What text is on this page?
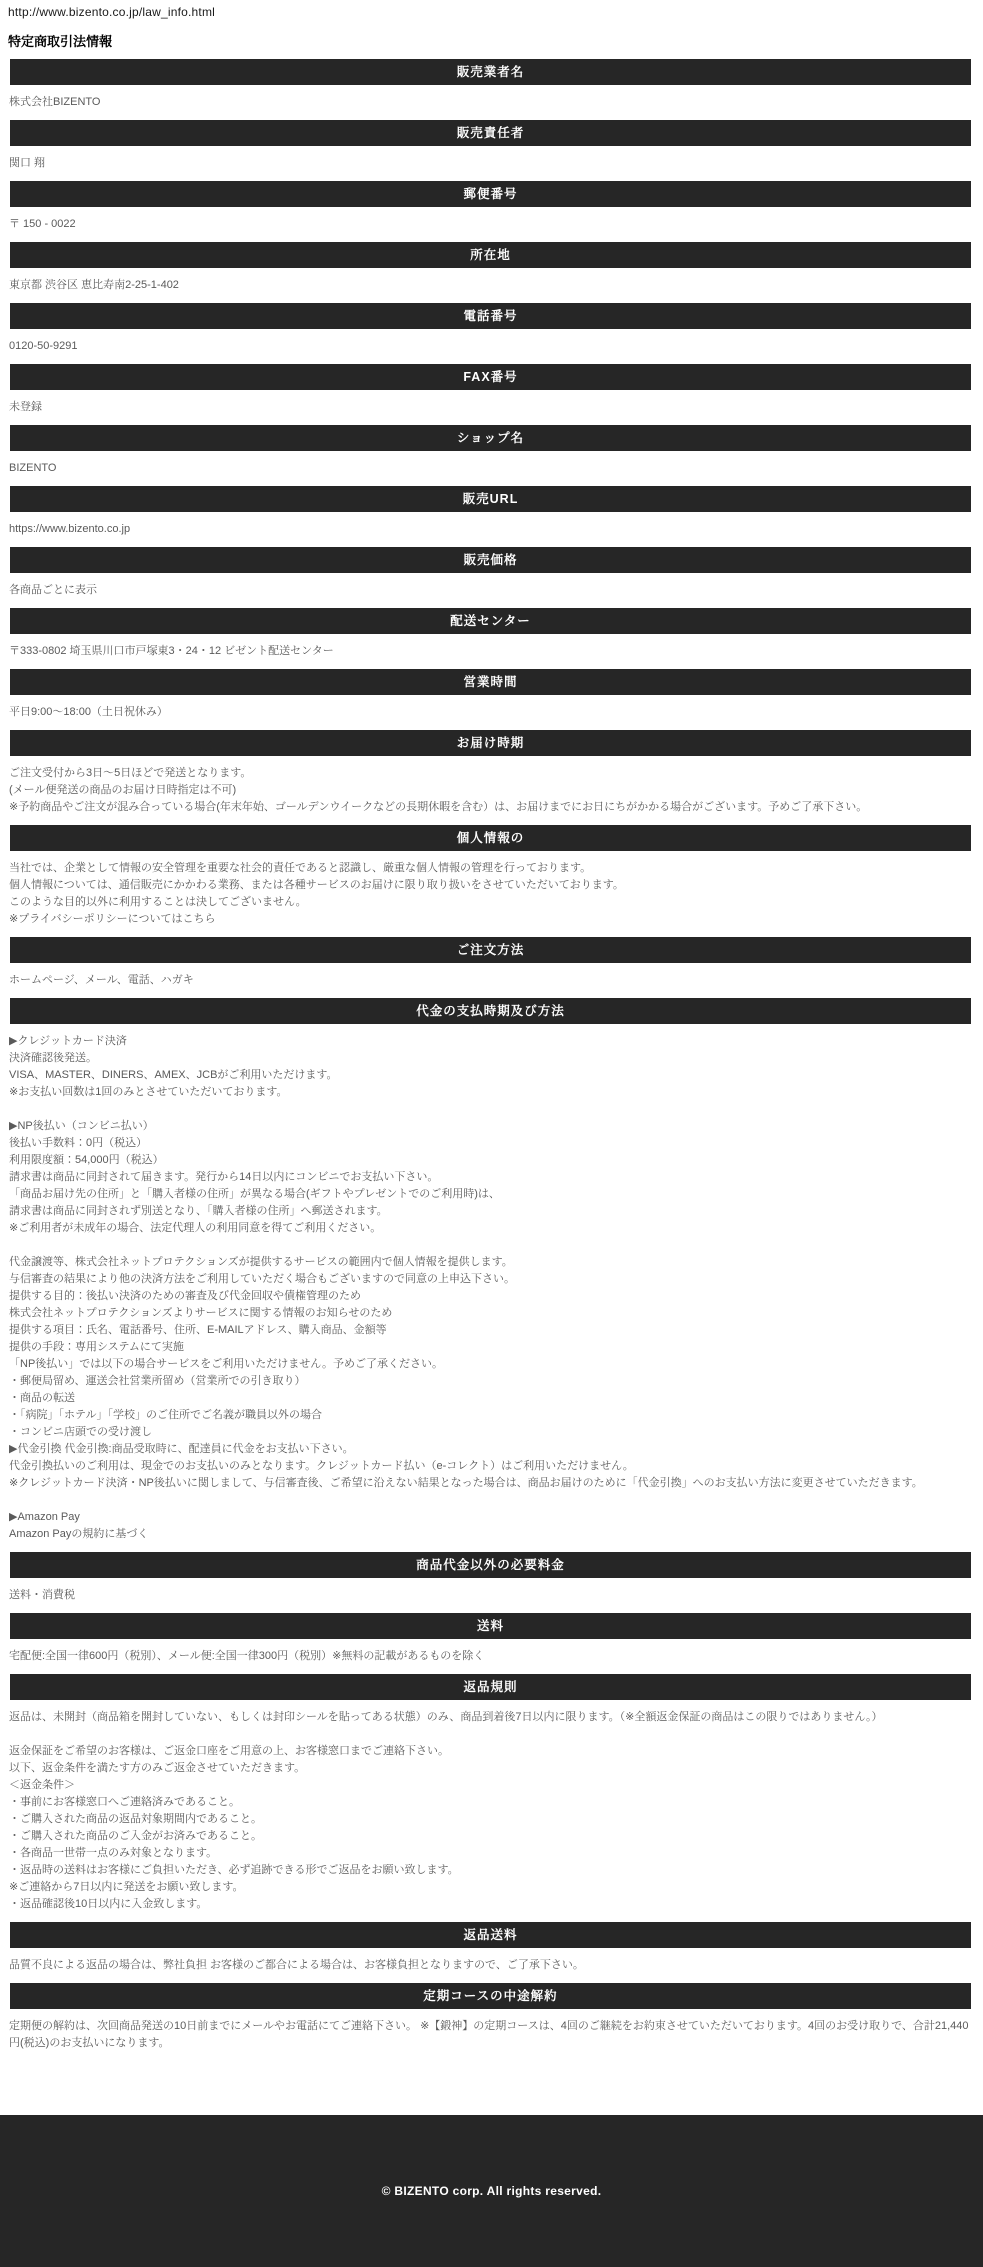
http://www.bizento.co.jp/law_info.html
特定商取引法情報
販売業者名
株式会社BIZENTO
販売責任者
関口 翔
郵便番号
〒 150 - 0022
所在地
東京都 渋谷区 恵比寿南2-25-1-402
電話番号
0120-50-9291
FAX番号
未登録
ショップ名
BIZENTO
販売URL
https://www.bizento.co.jp
販売価格
各商品ごとに表示
配送センター
〒333-0802 埼玉県川口市戸塚東3・24・12 ビゼント配送センター
営業時間
平日9:00〜18:00（土日祝休み）
お届け時期
ご注文受付から3日〜5日ほどで発送となります。
(メール便発送の商品のお届け日時指定は不可)
※予約商品やご注文が混み合っている場合(年末年始、ゴールデンウイークなどの長期休暇を含む）は、お届けまでにお日にちがかかる場合がございます。予めご了承下さい。
個人情報の
当社では、企業として情報の安全管理を重要な社会的責任であると認識し、厳重な個人情報の管理を行っております。
個人情報については、通信販売にかかわる業務、または各種サービスのお届けに限り取り扱いをさせていただいております。
このような目的以外に利用することは決してございません。
※プライバシーポリシーについてはこちら
ご注文方法
ホームページ、メール、電話、ハガキ
代金の支払時期及び方法
▶クレジットカード決済
決済確認後発送。
VISA、MASTER、DINERS、AMEX、JCBがご利用いただけます。
※お支払い回数は1回のみとさせていただいております。

▶NP後払い（コンビニ払い）
後払い手数料：0円（税込）
利用限度額：54,000円（税込）
請求書は商品に同封されて届きます。発行から14日以内にコンビニでお支払い下さい。
「商品お届け先の住所」と「購入者様の住所」が異なる場合(ギフトやプレゼントでのご利用時)は、
請求書は商品に同封されず別送となり、「購入者様の住所」へ郵送されます。
※ご利用者が未成年の場合、法定代理人の利用同意を得てご利用ください。

代金譲渡等、株式会社ネットプロテクションズが提供するサービスの範囲内で個人情報を提供します。
与信審査の結果により他の決済方法をご利用していただく場合もございますので同意の上申込下さい。
提供する目的：後払い決済のための審査及び代金回収や債権管理のため
株式会社ネットプロテクションズよりサービスに関する情報のお知らせのため
提供する項目：氏名、電話番号、住所、E-MAILアドレス、購入商品、金額等
提供の手段：専用システムにて実施
「NP後払い」では以下の場合サービスをご利用いただけません。予めご了承ください。
・郵便局留め、運送会社営業所留め（営業所での引き取り）
・商品の転送
・「病院」「ホテル」「学校」のご住所でご名義が職員以外の場合
・コンビニ店頭での受け渡し
▶代金引換 代金引換:商品受取時に、配達員に代金をお支払い下さい。
代金引換払いのご利用は、現金でのお支払いのみとなります。クレジットカード払い（e-コレクト）はご利用いただけません。
※クレジットカード決済・NP後払いに関しまして、与信審査後、ご希望に沿えない結果となった場合は、商品お届けのために「代金引換」へのお支払い方法に変更させていただきます。

▶Amazon Pay
Amazon Payの規約に基づく
商品代金以外の必要料金
送料・消費税
送料
宅配便:全国一律600円（税別）、メール便:全国一律300円（税別）※無料の記載があるものを除く
返品規則
返品は、未開封（商品箱を開封していない、もしくは封印シールを貼ってある状態）のみ、商品到着後7日以内に限ります。（※全額返金保証の商品はこの限りではありません。）

返金保証をご希望のお客様は、ご返金口座をご用意の上、お客様窓口までご連絡下さい。
以下、返金条件を満たす方のみご返金させていただきます。
＜返金条件＞
・事前にお客様窓口へご連絡済みであること。
・ご購入された商品の返品対象期間内であること。
・ご購入された商品のご入金がお済みであること。
・各商品一世帯一点のみ対象となります。
・返品時の送料はお客様にご負担いただき、必ず追跡できる形でご返品をお願い致します。
※ご連絡から7日以内に発送をお願い致します。
・返品確認後10日以内に入金致します。
返品送料
品質不良による返品の場合は、弊社負担 お客様のご都合による場合は、お客様負担となりますので、ご了承下さい。
定期コースの中途解約
定期便の解約は、次回商品発送の10日前までにメールやお電話にてご連絡下さい。 ※【鍛神】の定期コースは、4回のご継続をお約束させていただいております。4回のお受け取りで、合計21,440円(税込)のお支払いになります。
© BIZENTO corp. All rights reserved.
